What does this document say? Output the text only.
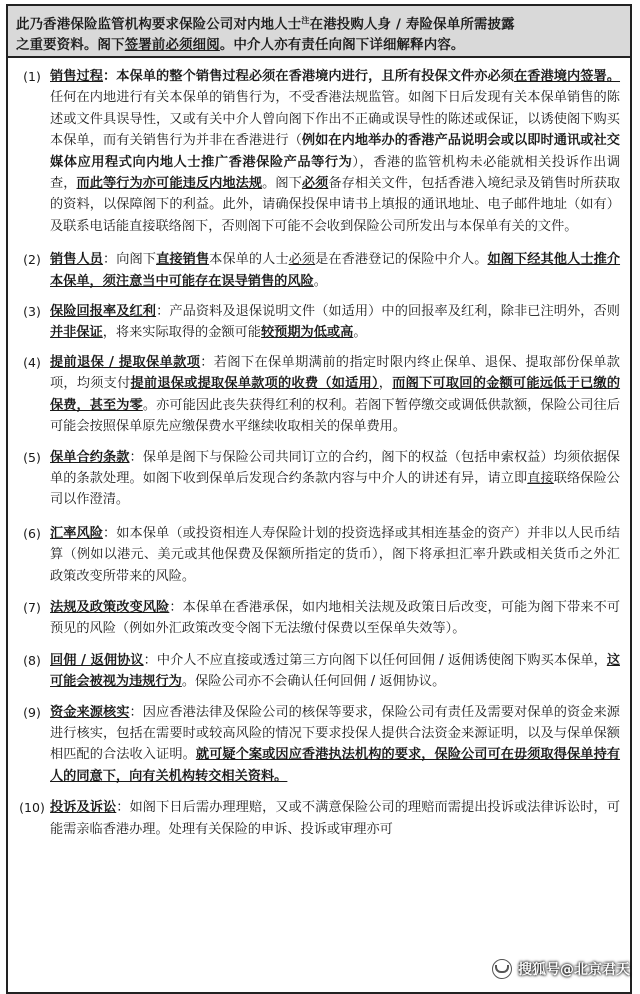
此乃香港保险监管机构要求保险公司对内地人士$^注$在港投购人身 / 寿险保单所需披露
之重要资料。阁下签署前必须细阅。中介人亦有责任向阁下详细解释内容。
(1) 销售过程：本保单的整个销售过程必须在香港境内进行，且所有投保文件亦必须在香港境内签署。任何在内地进行有关本保单的销售行为，不受香港法规监管。如阁下日后发现有关本保单销售的陈述或文件具误导性，又或有关中介人曾向阁下作出不正确或误导性的陈述或保证，以诱使阁下购买本保单，而有关销售行为并非在香港进行（例如在内地举办的香港产品说明会或以即时通讯或社交媒体应用程式向内地人士推广香港保险产品等行为），香港的监管机构未必能就相关投诉作出调查，而此等行为亦可能违反内地法规。阁下必须备存相关文件，包括香港入境纪录及销售时所获取的资料，以保障阁下的利益。此外，请确保投保申请书上填报的通讯地址、电子邮件地址（如有）及联系电话能直接联络阁下，否则阁下可能不会收到保险公司所发出与本保单有关的文件。
(2) 销售人员：向阁下直接销售本保单的人士必须是在香港登记的保险中介人。如阁下经其他人士推介本保单，须注意当中可能存在误导销售的风险。
(3) 保险回报率及红利：产品资料及退保说明文件（如适用）中的回报率及红利，除非已注明外，否则并非保证，将来实际取得的金额可能较预期为低或高。
(4) 提前退保 / 提取保单款项：若阁下在保单期满前的指定时限内终止保单、退保、提取部份保单款项，均须支付提前退保或提取保单款项的收费（如适用），而阁下可取回的金额可能远低于已缴的保费，甚至为零。亦可能因此丧失获得红利的权利。若阁下暂停缴交或调低供款额，保险公司往后可能会按照保单原先应缴保费水平继续收取相关的保单费用。
(5) 保单合约条款：保单是阁下与保险公司共同订立的合约，阁下的权益（包括申索权益）均须依据保单的条款处理。如阁下收到保单后发现合约条款内容与中介人的讲述有异，请立即直接联络保险公司以作澄清。
(6) 汇率风险：如本保单（或投资相连人寿保险计划的投资选择或其相连基金的资产）并非以人民币结算（例如以港元、美元或其他保费及保额所指定的货币），阁下将承担汇率升跌或相关货币之外汇政策改变所带来的风险。
(7) 法规及政策改变风险：本保单在香港承保，如内地相关法规及政策日后改变，可能为阁下带来不可预见的风险（例如外汇政策改变令阁下无法缴付保费以至保单失效等）。
(8) 回佣 / 返佣协议：中介人不应直接或透过第三方向阁下以任何回佣 / 返佣诱使阁下购买本保单，这可能会被视为违规行为。保险公司亦不会确认任何回佣 / 返佣协议。
(9) 资金来源核实：因应香港法律及保险公司的核保等要求，保险公司有责任及需要对保单的资金来源进行核实，包括在需要时或较高风险的情况下要求投保人提供合法资金来源证明，以及与保单保额相匹配的合法收入证明。就可疑个案或因应香港执法机构的要求，保险公司可在毋须取得保单持有人的同意下，向有关机构转交相关资料。
(10) 投诉及诉讼：如阁下日后需办理理赔，又或不满意保险公司的理赔而需提出投诉或法律诉讼时，可能需亲临香港办理。处理有关保险的申诉、投诉或审理亦可
搜狐号@北京君天
